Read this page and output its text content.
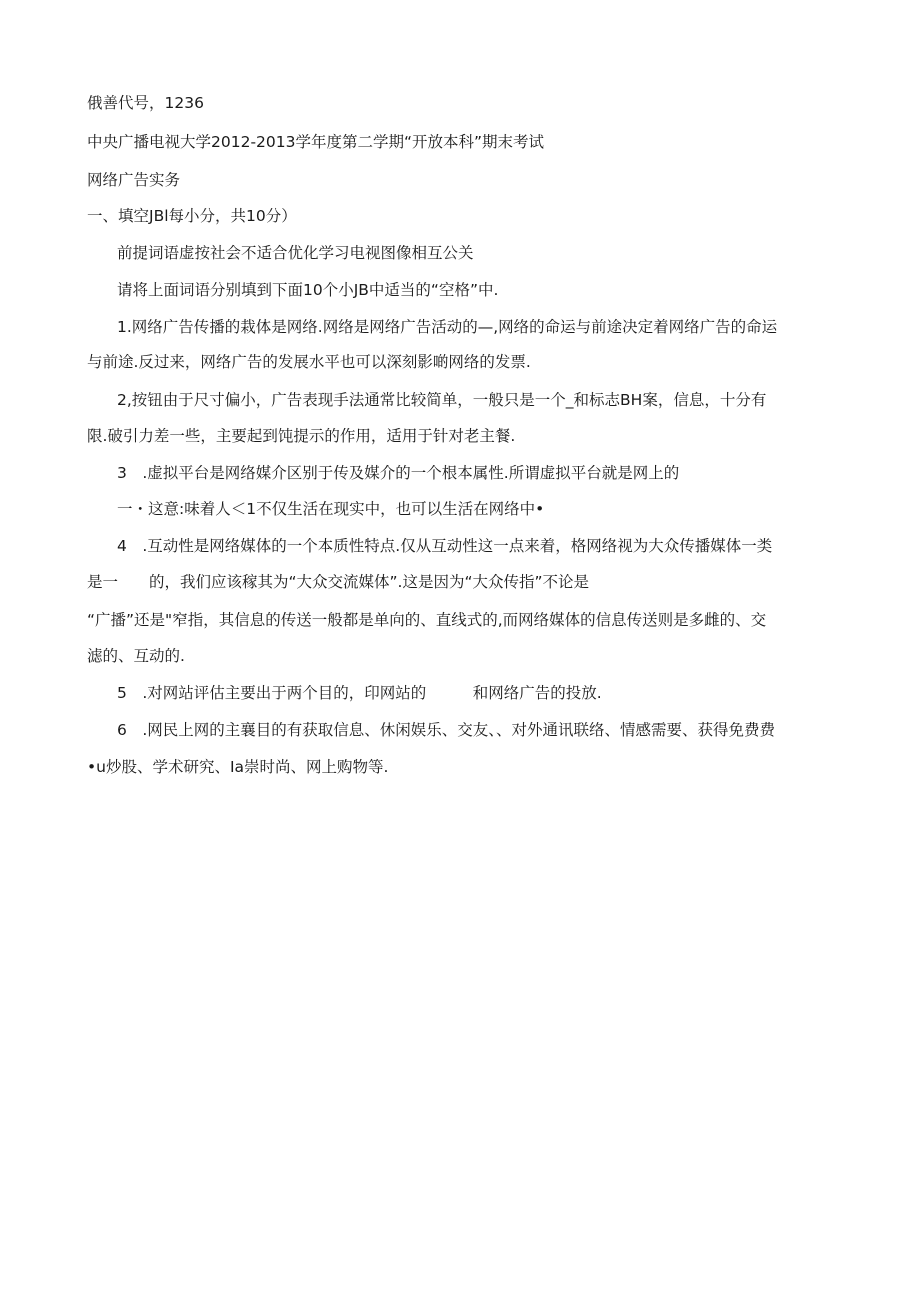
俄善代号，1236
中央广播电视大学2012-2013学年度第二学期“开放本科”期末考试
网络广告实务
一、填空JBl每小分，共10分）
前提词语虚按社会不适合优化学习电视图像相互公关
请将上面词语分别填到下面10个小JB中适当的“空格”中.
1.网络广告传播的栽体是网络.网络是网络广告活动的—,网络的命运与前途决定着网络广告的命运
与前途.反过来，网络广告的发展水平也可以深刻影啲网络的发票.
2,按钮由于尺寸偏小，广告表现手法通常比较简单，一般只是一个_和标志BH案，信息，十分有
限.破引力差一些，主要起到饨提示的作用，适用于针对老主餐.
3　.虚拟平台是网络媒介区别于传及媒介的一个根本属性.所谓虚拟平台就是网上的
一・这意:味着人＜1不仅生活在现实中，也可以生活在网络中•
4　.互动性是网络媒体的一个本质性特点.仅从互动性这一点来着，格网络视为大众传播媒体一类
是一　　的，我们应该稼其为“大众交流媒体”.这是因为“大众传指”不论是
“广播”还是"窄指，其信息的传送一般都是单向的、直线式的,而网络媒体的信息传送则是多雌的、交
滤的、互动的.
5　.对网站评估主要出于两个目的，印网站的　　　和网络广告的投放.
6　.网民上网的主襄目的有获取信息、休闲娱乐、交友、、对外通讯联络、情感需要、获得免费费
•u炒股、学术研究、Ia崇时尚、网上购物等.
